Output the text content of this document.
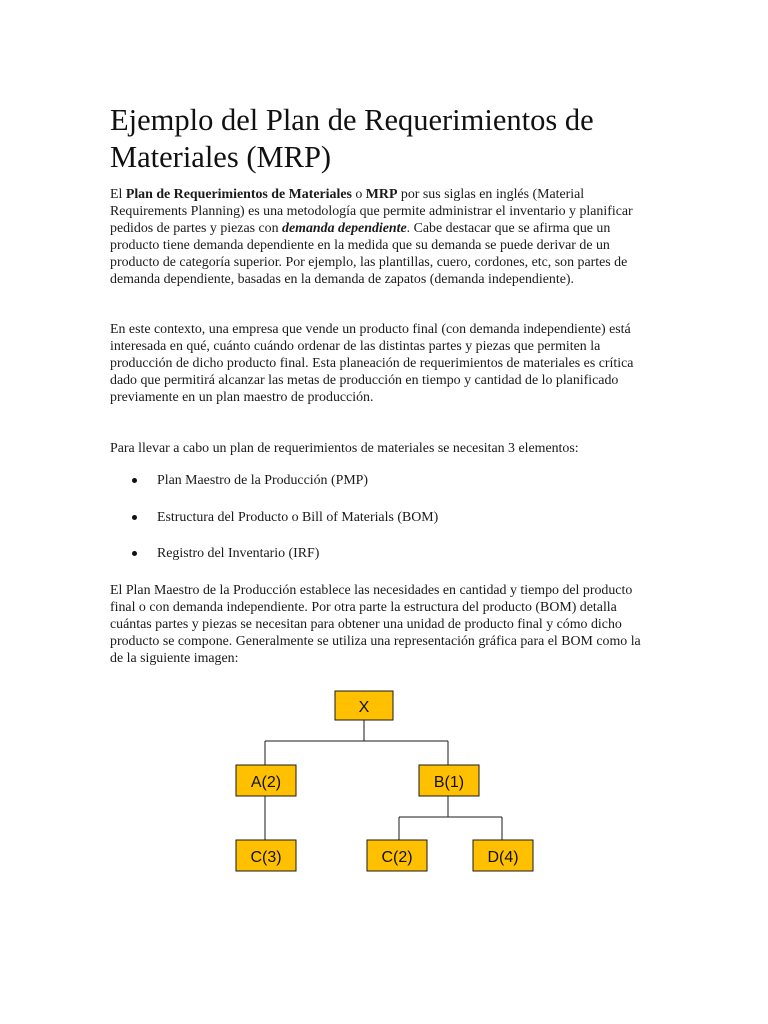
Ejemplo del Plan de Requerimientos de Materiales (MRP)

El Plan de Requerimientos de Materiales o MRP por sus siglas en inglés (Material Requirements Planning) es una metodología que permite administrar el inventario y planificar pedidos de partes y piezas con demanda dependiente. Cabe destacar que se afirma que un producto tiene demanda dependiente en la medida que su demanda se puede derivar de un producto de categoría superior. Por ejemplo, las plantillas, cuero, cordones, etc, son partes de demanda dependiente, basadas en la demanda de zapatos (demanda independiente).

En este contexto, una empresa que vende un producto final (con demanda independiente) está interesada en qué, cuánto cuándo ordenar de las distintas partes y piezas que permiten la producción de dicho producto final. Esta planeación de requerimientos de materiales es crítica dado que permitirá alcanzar las metas de producción en tiempo y cantidad de lo planificado previamente en un plan maestro de producción.

Para llevar a cabo un plan de requerimientos de materiales se necesitan 3 elementos:

Plan Maestro de la Producción (PMP)
Estructura del Producto o Bill of Materials (BOM)
Registro del Inventario (IRF)

El Plan Maestro de la Producción establece las necesidades en cantidad y tiempo del producto final o con demanda independiente. Por otra parte la estructura del producto (BOM) detalla cuántas partes y piezas se necesitan para obtener una unidad de producto final y cómo dicho producto se compone. Generalmente se utiliza una representación gráfica para el BOM como la de la siguiente imagen:

X
A(2)	B(1)
C(3)	C(2)	D(4)
